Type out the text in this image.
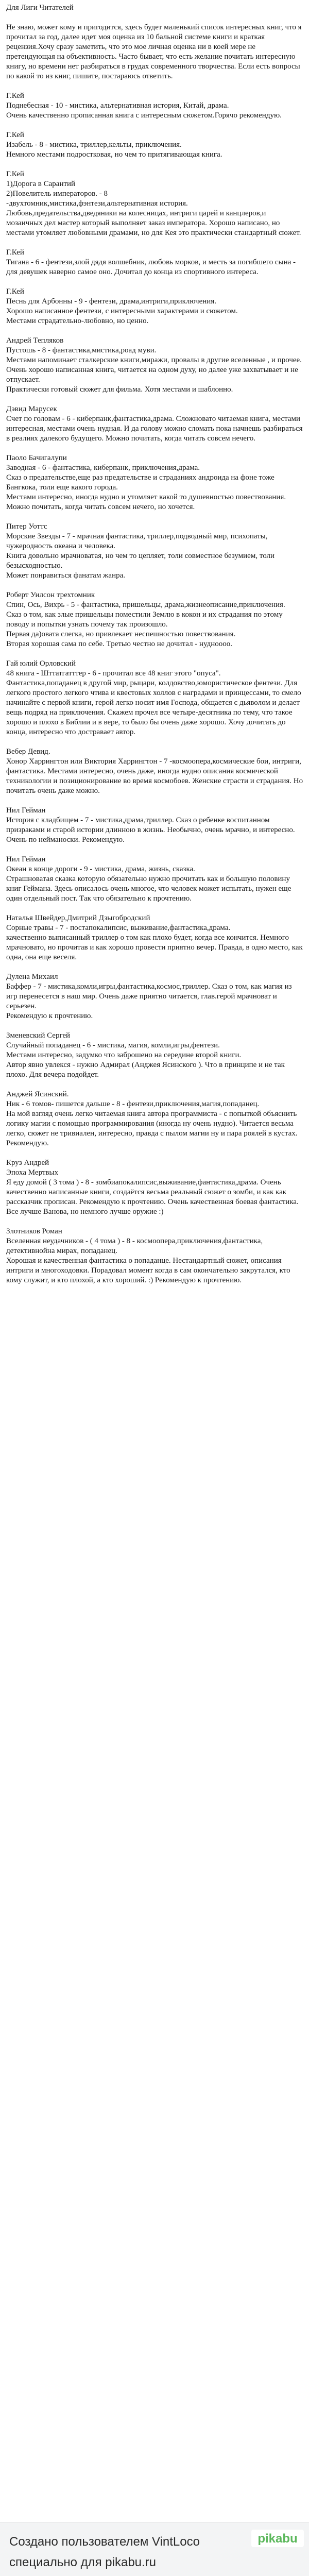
Для Лиги Читателей

Не знаю, может кому и пригодится, здесь будет маленький список интересных книг, что я прочитал за год, далее идет моя оценка из 10 бальной системе книги и краткая рецензия.Хочу сразу заметить, что это мое личная оценка ни в коей мере не претендующая на объективность. Часто бывает, что есть желание почитать интересную книгу, но времени нет разбираться в грудах современного творчества. Если есть вопросы по какой то из книг, пишите, постараюсь ответить.

Г.Кей

Поднебесная - 10 - мистика, альтернативная история, Китай, драма.

Очень качественно прописанная книга с интересным сюжетом.Горячо рекомендую.

Г.Кей

Изабель - 8 - мистика, триллер,кельты, приключения.

Немного местами подростковая, но чем то притягивающая книга.

Г.Кей

1)Дорога в Сарантий

2)Повелитель императоров. - 8

-двухтомник,мистика,фэнтези,альтернативная история.

Любовь,предательства,дведяники на колесницах, интриги царей и канцлеров,и мозаичных дел мастер который выполняет заказ императора. Хорошо написано, но местами утомляет любовными драмами, но для Кея это практически стандартный сюжет.

Г.Кей

Тигана - 6 - фентези,злой дядя волшебник, любовь морков, и месть за погибшего сына - для девушек наверно самое оно. Дочитал до конца из спортивного интереса.

Г.Кей

Песнь для Арбонны - 9 - фентези, драма,интриги,приключения.

Хорошо написанное фентези, с интересными характерами и сюжетом.

Местами страдательно-любовно, но ценно.

Андрей Тепляков

Пустошь - 8 - фантастика,мистика,роад муви.

Местами напоминает сталкерские книги,миражи, провалы в другие вселенные , и прочее. Очень хорошо написанная книга, читается на одном духу, но далее уже захватывает и не отпускает.

Практически готовый сюжет для фильма. Хотя местами и шаблонно.

Дэвид Марусек

Счет по головам - 6 - киберпанк,фантастика,драма. Сложновато читаемая книга, местами интересная, местами очень нудная. И да голову можно сломать пока начнешь разбираться в реалиях далекого будущего. Можно почитать, когда читать совсем нечего.

Паоло Бачигалупи

Заводная - 6 - фантастика, киберпанк, приключения,драма.

Сказ о предательстве,еще раз предательстве и страданиях андроида на фоне тоже Бангкока, толи еще какого города.

Местами интересно, иногда нудно и утомляет какой то душевностью повествования. Можно почитать, когда читать совсем нечего, но хочется.

Питер Уоттс

Морские Звезды - 7 - мрачная фантастика, триллер,подводный мир, психопаты, чужеродность океана и человека.

Книга довольно мрачноватая, но чем то цепляет, толи совместное безумием, толи безысходностью.

Может понравиться фанатам жанра.

Роберт Уилсон трехтомник

Спин, Ось, Вихрь - 5 - фантастика, пришельцы, драма,жизнеописание,приключения.

Сказ о том, как злые пришельцы поместили Землю в кокон и их страдания по этому поводу и попытки узнать почему так произошло.

Первая да)овата слегка, но привлекает неспешностью повествования.

Вторая хорошая сама по себе. Третью честно не дочитал - нудноооо.

Гай юлий Орловский

48 книга - Шттатгатттер - 6 - прочитал все 48 книг этого "опуса".

Фантастика,попаданец в другой мир, рыцари, колдовство,юмористическое фентези. Для легкого простого легкого чтива и квестовых холлов с наградами и принцессами, то смело начинайте с первой книги, герой легко носит имя Господа, общается с дьяволом и делает вещь подряд на приключения. Скажем прочел все четыре-десятника по тему, что такое хорошо и плохо в Библии и в вере, то было бы очень даже хорошо. Хочу дочитать до конца, интересно что достравает автор.

Вебер Девид.

Хонор Харрингтон или Виктория Харрингтон - 7 -космоопера,космические бои, интриги, фантастика. Местами интересно, очень даже, иногда нудно описания космической техникологии и позиционирование во время космобоев. Женские страсти и страдания. Но почитать очень даже можно.

Нил Гейман

История с кладбищем - 7 - мистика,драма,триллер. Сказ о ребенке воспитанном призраками и старой истории длинною в жизнь. Необычно, очень мрачно, и интересно. Очень по нейманоски. Рекомендую.

Нил Гейман

Океан в конце дороги - 9 - мистика, драма, жизнь, сказка.

Страшноватая сказка которую обязательно нужно прочитать как и большую половину книг Геймана. Здесь описалось очень многое, что человек может испытать, нужен еще один отдельный пост. Так что обязательно к прочтению.

Наталья Швейдер,Дмитрий Дзыгобродский

Сорные травы - 7 - постапокалипсис, выживание,фантастика,драма.

качественно выписанный триллер о том как плохо будет, когда все кончится. Немного мрачновато, но прочитав и как хорошо провести приятно вечер. Правда, в одно место, как одна, она еще веселя.

Дулена Михаил

Баффер - 7 - мистика,комли,игры,фантастика,космос,триллер. Сказ о том, как магия из игр перенесется в наш мир. Очень даже приятно читается, глав.герой мрачноват и серьезен.

Рекомендую к прочтению.

Зменевский Сергей

Случайный попаданец - 6 - мистика, магия, комли,игры,фентези.

Местами интересно, задумко что заброшено на середине второй книги.

Автор явно увлекся - нужно Адмирал (Анджея Ясинского ). Что в принципе и не так плохо. Для вечера подойдет.

Анджей Ясинский.

Ник - 6 томов- пишется дальше - 8 - фентези,приключения,магия,попаданец.

На мой взгляд очень легко читаемая книга автора программиста - с попыткой объяснить логику магии с помощью программирования (иногда ну очень нудно). Читается весьма легко, сюжет не тривиален, интересно, правда с пылом магии ну и пара роялей в кустах. Рекомендую.

Круз Андрей

Эпоха Мертвых

Я еду домой ( 3 тома ) - 8 - зомбиапокалипсис,выживание,фантастика,драма. Очень качественно написанные книги, создаётся весьма реальный сюжет о зомби, и как как рассказчик прописан. Рекомендую к прочтению. Очень качественная боевая фантастика. Все лучше Ванова, но немного лучше оружие :)

Злотников Роман

Вселенная неудачников - ( 4 тома ) - 8 - космоопера,приключения,фантастика, детективнойна мирах, попаданец.

Хорошая и качественная фантастика о попаданце. Нестандартный сюжет, описания интриги и многоходовки. Порадовал момент когда в сам окончательно закрутался, кто кому служит, и кто плохой, а кто хороший. :) Рекомендую к прочтению.

Создано пользователем VintLoco
специально для pikabu.ru
pikabu
